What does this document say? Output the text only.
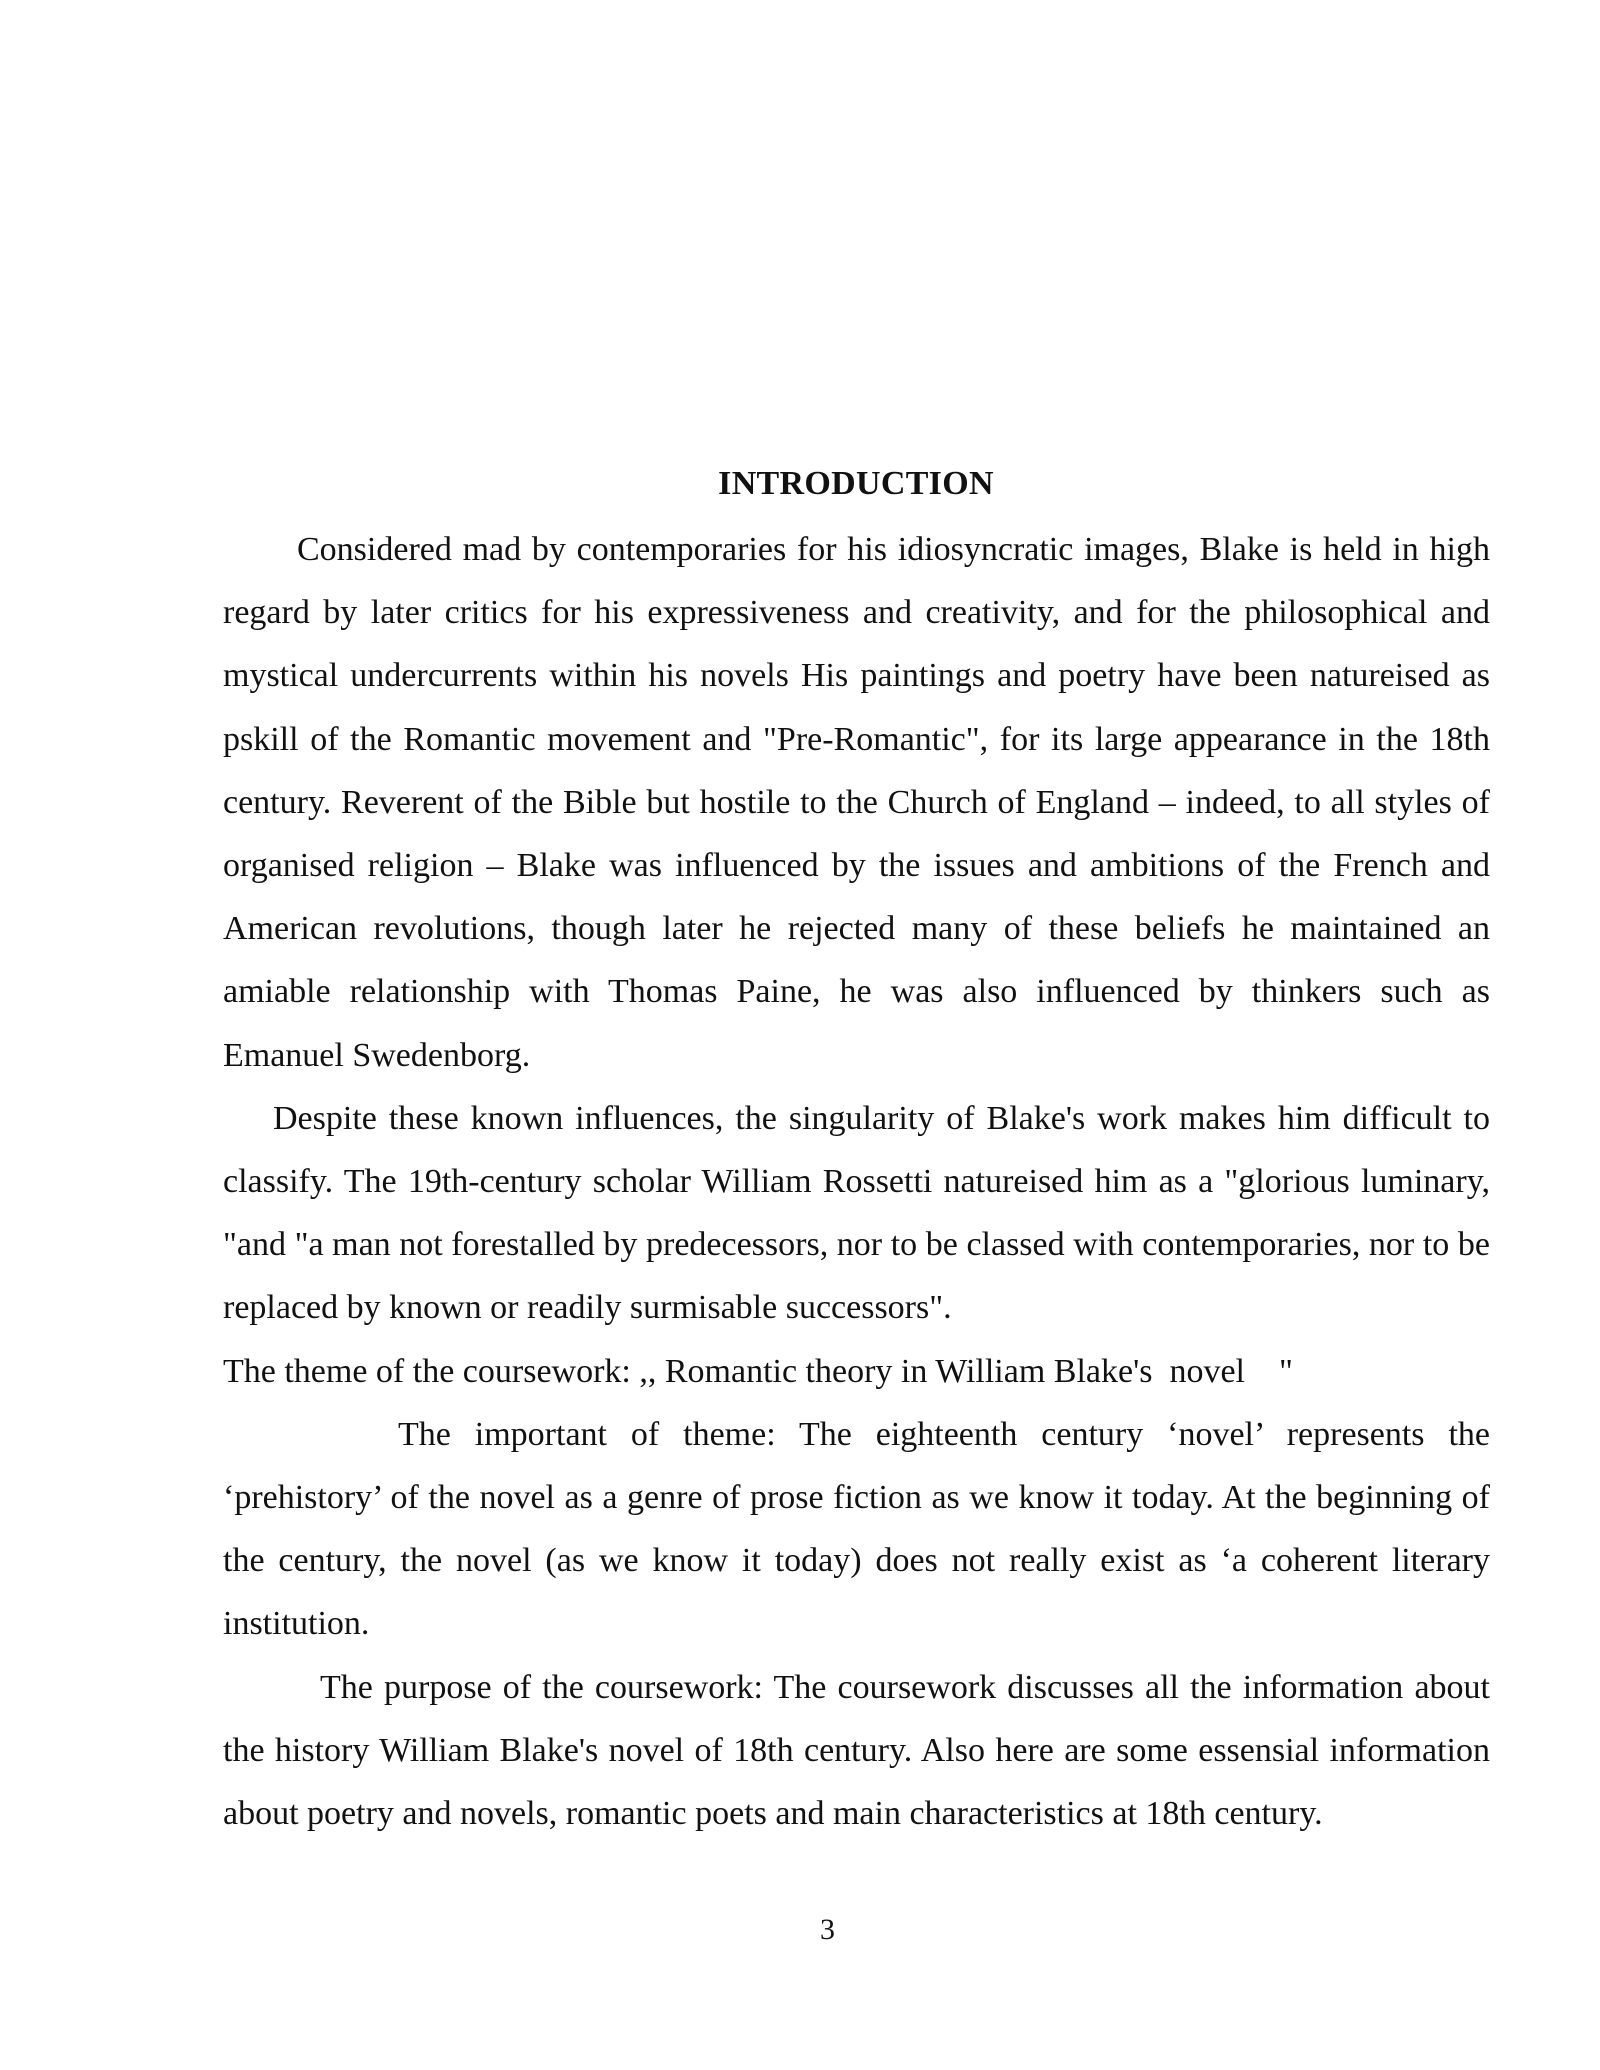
INTRODUCTION

Considered mad by contemporaries for his idiosyncratic images, Blake is held in high regard by later critics for his expressiveness and creativity, and for the philosophical and mystical undercurrents within his novels His paintings and poetry have been natureised as pskill of the Romantic movement and "Pre-Romantic", for its large appearance in the 18th century. Reverent of the Bible but hostile to the Church of England – indeed, to all styles of organised religion – Blake was influenced by the issues and ambitions of the French and American revolutions, though later he rejected many of these beliefs he maintained an amiable relationship with Thomas Paine, he was also influenced by thinkers such as Emanuel Swedenborg.

Despite these known influences, the singularity of Blake's work makes him difficult to classify. The 19th-century scholar William Rossetti natureised him as a "glorious luminary, "and "a man not forestalled by predecessors, nor to be classed with contemporaries, nor to be replaced by known or readily surmisable successors".

The theme of the coursework: ,, Romantic theory in William Blake's  novel    "

The important of theme: The eighteenth century ‘novel’ represents the ‘prehistory’ of the novel as a genre of prose fiction as we know it today. At the beginning of the century, the novel (as we know it today) does not really exist as ‘a coherent literary institution.

The purpose of the coursework: The coursework discusses all the information about the history William Blake's novel of 18th century. Also here are some essensial information about poetry and novels, romantic poets and main characteristics at 18th century.

3
